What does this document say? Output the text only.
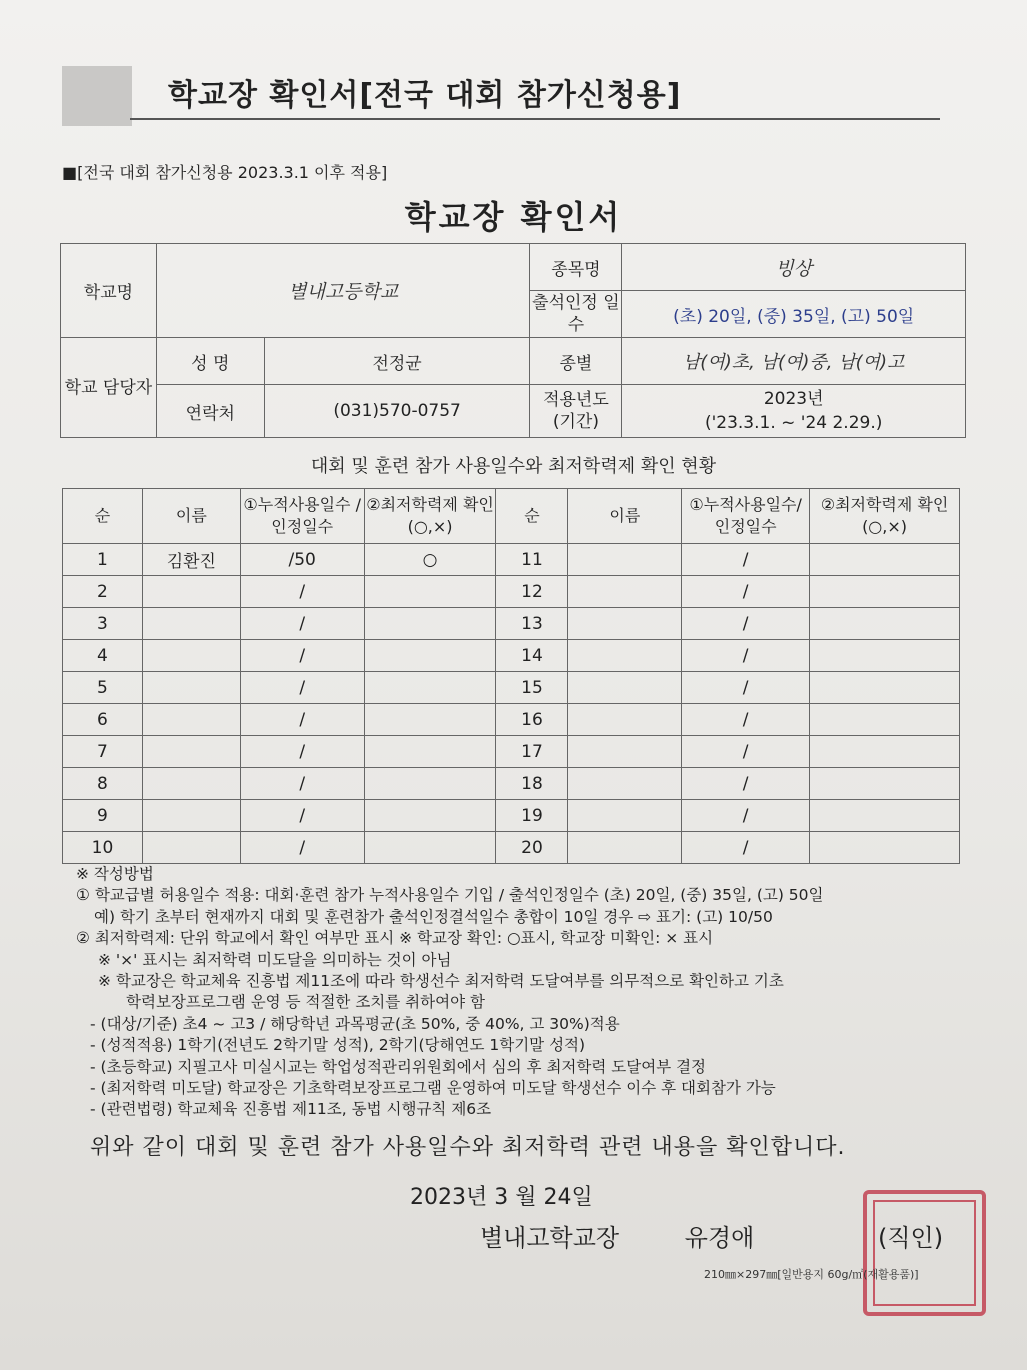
학교장 확인서[전국 대회 참가신청용]
■[전국 대회 참가신청용 2023.3.1 이후 적용]
학교장 확인서
학교명	별내고등학교		종목명	빙상
			출석인정 일수	(초) 20일, (중) 35일, (고) 50일
학교 담당자	성 명	전정균	종별	남(여)초, 남(여)중, 남(여)고
	연락처	(031)570-0757	적용년도 (기간)	2023년
('23.3.1. ~ '24 2.29.)
대회 및 훈련 참가 사용일수와 최저학력제 확인 현황
순	이름	①누적사용일수 /인정일수	②최저학력제 확인(○,×)	순	이름	①누적사용일수/ 인정일수	②최저학력제 확인(○,×)
1	김환진	/50	○	11		/	
2		/		12		/	
3		/		13		/	
4		/		14		/	
5		/		15		/	
6		/		16		/	
7		/		17		/	
8		/		18		/	
9		/		19		/	
10		/		20		/	
※ 작성방법
① 학교급별 허용일수 적용: 대회·훈련 참가 누적사용일수 기입 / 출석인정일수 (초) 20일, (중) 35일, (고) 50일
예) 학기 초부터 현재까지 대회 및 훈련참가 출석인정결석일수 총합이 10일 경우 ⇨ 표기: (고) 10/50
② 최저학력제: 단위 학교에서 확인 여부만 표시 ※ 학교장 확인: ○표시, 학교장 미확인: × 표시
※ '×' 표시는 최저학력 미도달을 의미하는 것이 아님
※ 학교장은 학교체육 진흥법 제11조에 따라 학생선수 최저학력 도달여부를 의무적으로 확인하고 기초
학력보장프로그램 운영 등 적절한 조치를 취하여야 함
- (대상/기준) 초4 ~ 고3 / 해당학년 과목평균(초 50%, 중 40%, 고 30%)적용
- (성적적용) 1학기(전년도 2학기말 성적), 2학기(당해연도 1학기말 성적)
- (초등학교) 지필고사 미실시교는 학업성적관리위원회에서 심의 후 최저학력 도달여부 결정
- (최저학력 미도달) 학교장은 기초학력보장프로그램 운영하여 미도달 학생선수 이수 후 대회참가 가능
- (관련법령) 학교체육 진흥법 제11조, 동법 시행규칙 제6조
위와 같이 대회 및 훈련 참가 사용일수와 최저학력 관련 내용을 확인합니다.
2023년 3 월 24일
별내고학교장	유경애	(직인)
210㎜×297㎜[일반용지 60g/㎡(재활용품)]
